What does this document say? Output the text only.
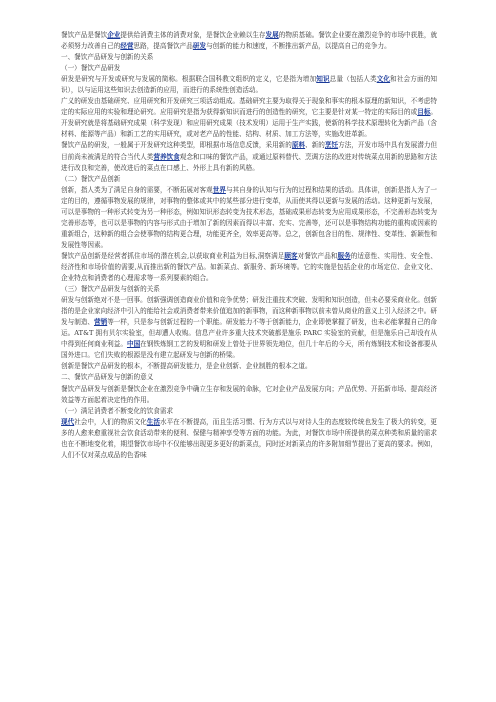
餐饮产品是餐饮企业提供给消费主体的消费对象，是餐饮企业赖以生存发展的物质基础。餐饮企业要在激烈竞争的市场中获胜，就必须努力改善自己的经营思路，提高餐饮产品研发与创新的能力和速度，不断推出新产品，以提高自己的竞争力。

一、餐饮产品研发与创新的关系

（一）餐饮产品研发

研发是研究与开发或研究与发展的简称。根据联合国科教文组织的定义，它是指为增加知识总量（包括人类文化和社会方面的知识），以与运用这些知识去创造新的应用，而进行的系统性创造活动。

广义的研发由基础研究、应用研究和开发研究三项活动组成。基础研究主要为取得关于现象和事实的根本原理的新知识，不考虑特定的实际应用的实验和理论研究。应用研究是指为获得新知识而进行的创造性的研究，它主要是针对某一特定的实际目的或目标。开发研究就是将基础研究成果（科学发现）和应用研究成果（技术发明）运用于生产实践，使新的科学技术原理转化为新产品（含材料、能源等产品）和新工艺的实用研究，或对老产品的性能、结构、材质、加工方法等，实施改进革新。

餐饮产品的研发，一般属于开发研究这种类型，即根据市场信息反馈，采用新的原料、新的烹饪方法，开发市场中具有发展潜力但目前尚未被满足的符合当代人类营养饮食观念和口味的餐饮产品，或通过原料替代、烹调方法的改进对传统菜点用新的思路和方法进行改良和完善，使改进后的菜点在口感上、外形上具有新的风格。

（二）餐饮产品创新

创新，指人类为了满足自身的需要，不断拓展对客观世界与其自身的认知与行为的过程和结果的活动。具体讲，创新是指人为了一定的目的，遵循事物发展的规律，对事物的整体或其中的某些部分进行变革，从而使其得以更新与发展的活动。这种更新与发展，可以是事物的一种形式转变为另一种形态，例如知识形态转变为技术形态，基础成果形态转变为应用成果形态，不完善形态转变为完善形态等，也可以是事物的内容与形式由于增加了新的因素而得以丰富、充实、完善等，还可以是事物结构功能的重构或因素的重新组合，这种新的组合会使事物的结构更合理，功能更齐全，效率更高等。总之，创新包含目的性、规律性、变革性、新颖性和发展性等因素。

餐饮产品创新是经营者抓住市场的潜在机会,以获取商业利益为目标,洞察满足顾客对餐饮产品和服务的适意性、实用性、安全性、经济性和市场价值的需要,从而推出新的餐饮产品。如新菜点、新服务、新环境等。它的实施是包括企业的市场定位、企业文化、企业特点和消费者的心理需求等一系列要素的组合。

（三）餐饮产品研发与创新的关系

研发与创新绝对不是一回事。创新强调创造商业价值和竞争优势；研发注重技术突破、发明和知识创造，但未必要采商业化。创新指的是企业家向经济中引入的能给社会或消费者带来价值追加的新事物，而这种新事物以前未曾从商业的意义上引入经济之中。研发与制造、营销等一样，只是参与创新过程的一个职能。研发能力不等于创新能力，企业即使掌握了研发，也未必能掌握自己的命运。AT&T 拥有贝尔实验室，但却遭人收购。信息产业许多重大技术突破都是施乐 PARC 实验室的贡献，但是施乐自己却没有从中得到任何商业利益。中国在钢铁炼钢工艺的发明和研发上曾处于世界领先地位，但几十年后的今天，所有炼钢技术和设备都要从国外进口。它们失败的根源是没有建立起研发与创新的桥梁。

创新是餐饮产品研发的根本，不断提高研发能力，是企业创新、企业制胜的根本之道。

二、餐饮产品研发与创新的意义

餐饮产品研发与创新是餐饮企业在激烈竞争中确立生存和发展的命脉，它对企业产品发展方向；产品优势、开拓新市场、提高经济效益等方面起着决定性的作用。

（一）满足消费者不断变化的饮食需求

现代社会中，人们的物质文化生活水平在不断提高，而且生活习惯、行为方式以与对待人生的态度较传统也发生了极大的转变，更多的人愈来愈重视社会饮食活动带来的便利、保健与精神享受等方面的功能。为此，对餐饮市场中所提供的菜点种类和质量的需求也在不断地变化着，期望餐饮市场中不仅能够出现更多更好的新菜点，同时还对新菜点的许多附加细节提出了更高的要求。例如，人们不仅对菜点成品的色香味
